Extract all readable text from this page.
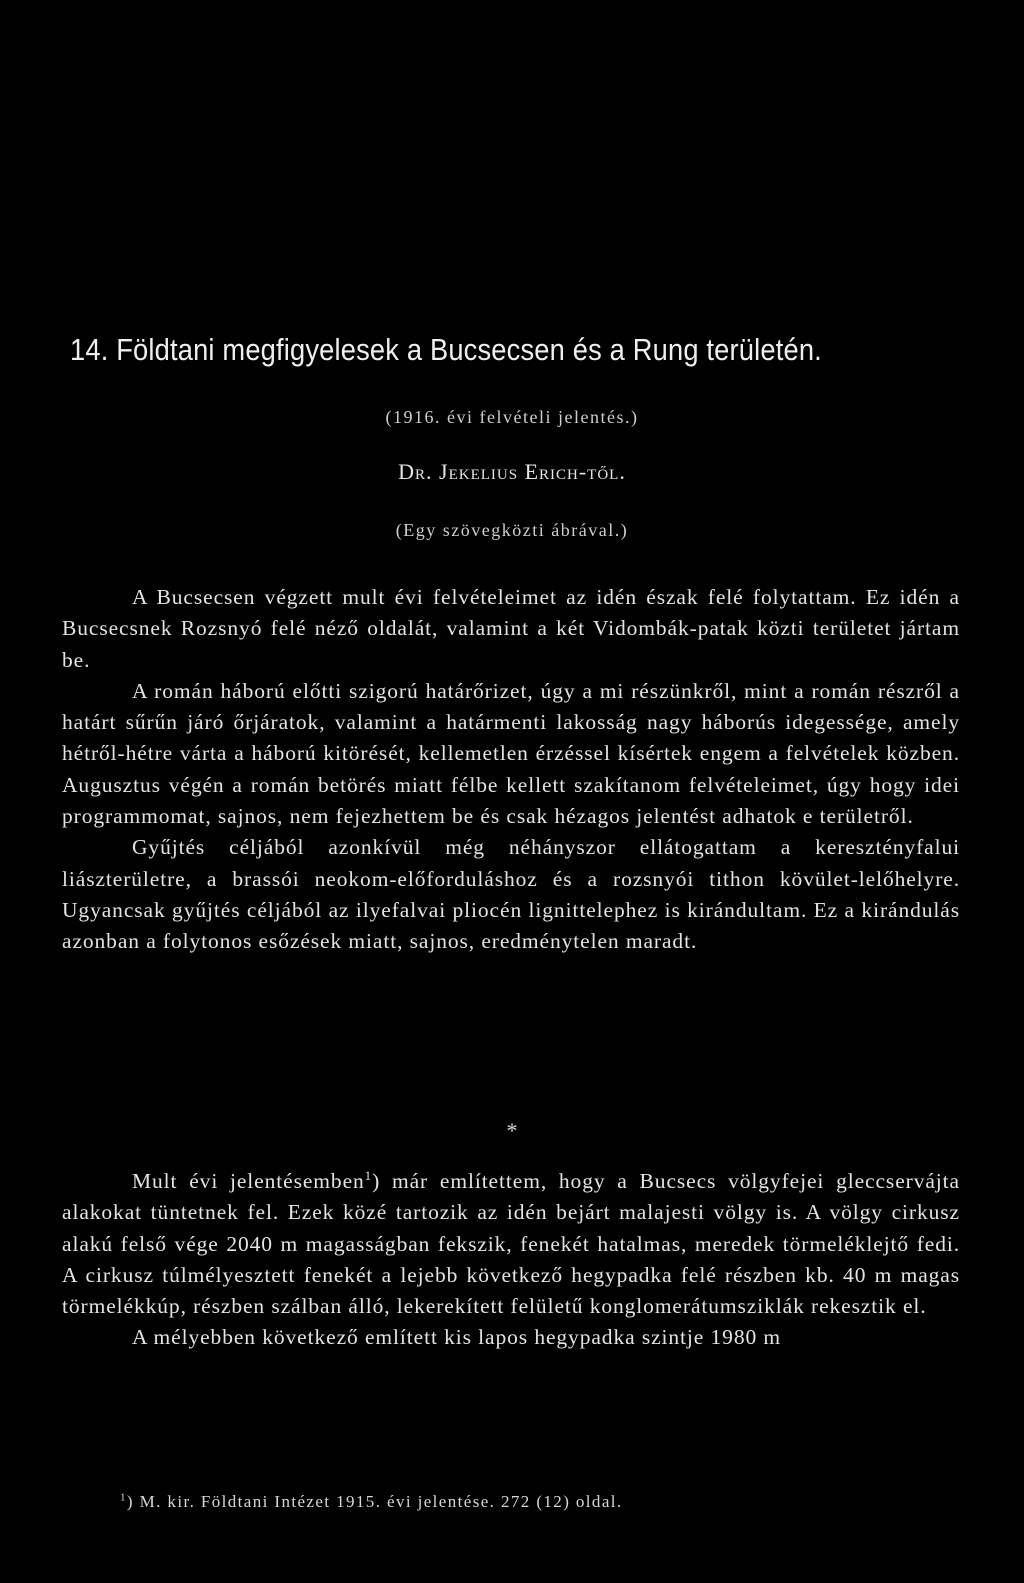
14. Földtani megfigyelesek a Bucsecsen és a Rung területén.

(1916. évi felvételi jelentés.)

Dr. Jekelius Erich-től.

(Egy szövegközti ábrával.)

A Bucsecsen végzett mult évi felvételeimet az idén észak felé folytattam. Ez idén a Bucsecsnek Rozsnyó felé néző oldalát, valamint a két Vidombák-patak közti területet jártam be.

A román háború előtti szigorú határőrizet, úgy a mi részünkről, mint a román részről a határt sűrűn járó őrjáratok, valamint a határmenti lakosság nagy háborús idegessége, amely hétről-hétre várta a háború kitörését, kellemetlen érzéssel kísértek engem a felvételek közben. Augusztus végén a román betörés miatt félbe kellett szakítanom felvételeimet, úgy hogy idei programmomat, sajnos, nem fejezhettem be és csak hézagos jelentést adhatok e területről.

Gyűjtés céljából azonkívül még néhányszor ellátogattam a keresztényfalui liászterületre, a brassói neokom-előforduláshoz és a rozsnyói tithon kövület-lelőhelyre. Ugyancsak gyűjtés céljából az ilyefalvai pliocén lignittelephez is kirándultam. Ez a kirándulás azonban a folytonos esőzések miatt, sajnos, eredménytelen maradt.

*

Mult évi jelentésemben$^1$) már említettem, hogy a Bucsecs völgyfejei gleccservájta alakokat tüntetnek fel. Ezek közé tartozik az idén bejárt malajesti völgy is. A völgy cirkusz alakú felső vége 2040 m magasságban fekszik, fenekét hatalmas, meredek törmeléklejtő fedi. A cirkusz túlmélyesztett fenekét a lejebb következő hegypadka felé részben kb. 40 m magas törmelékkúp, részben szálban álló, lekerekített felületű konglomerátumsziklák rekesztik el.

A mélyebben következő említett kis lapos hegypadka szintje 1980 m

$^1$) M. kir. Földtani Intézet 1915. évi jelentése. 272 (12) oldal.
